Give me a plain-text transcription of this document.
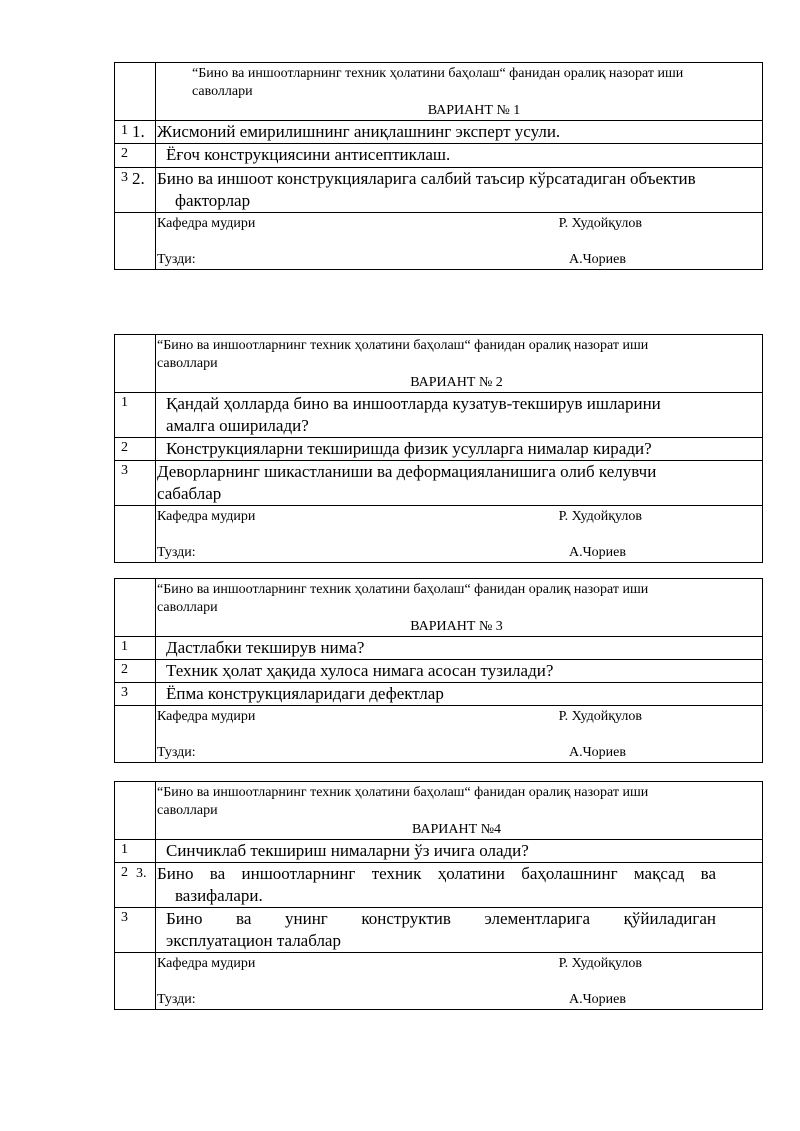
	“Бино ва иншоотларнинг техник ҳолатини баҳолаш“ фанидан оралиқ назорат иши
саволлари
ВАРИАНТ № 1

1	1. Жисмоний емирилишнинг аниқлашнинг эксперт усули.

2	Ёғоч конструкциясини антисептиклаш.

3	2. Бино ва иншоот конструкцияларига салбий таъсир кўрсатадиган объектив
факторлар

	Кафедра мудири Р. Худойқулов
Тузди: А.Чориев

	“Бино ва иншоотларнинг техник ҳолатини баҳолаш“ фанидан оралиқ назорат иши
саволлари
ВАРИАНТ № 2

1	Қандай ҳолларда бино ва иншоотларда кузатув-текширув ишларини
амалга оширилади?

2	Конструкцияларни текширишда физик усулларга нималар киради?

3	Деворларнинг шикастланиши ва деформацияланишига олиб келувчи
сабаблар

	Кафедра мудири Р. Худойқулов
Тузди: А.Чориев

	“Бино ва иншоотларнинг техник ҳолатини баҳолаш“ фанидан оралиқ назорат иши
саволлари
ВАРИАНТ № 3

1	Дастлабки текширув нима?

2	Техник ҳолат ҳақида хулоса нимага асосан тузилади?

3	Ёпма конструкцияларидаги дефектлар

	Кафедра мудири Р. Худойқулов
Тузди: А.Чориев

	“Бино ва иншоотларнинг техник ҳолатини баҳолаш“ фанидан оралиқ назорат иши
саволлари
ВАРИАНТ №4

1	Синчиклаб текшириш нималарни ўз ичига олади?

2	3. Бино ва иншоотларнинг техник ҳолатини баҳолашнинг мақсад ва
вазифалари.

3	Бино ва унинг конструктив элементларига қўйиладиган
эксплуатацион талаблар

	Кафедра мудири Р. Худойқулов
Тузди: А.Чориев
